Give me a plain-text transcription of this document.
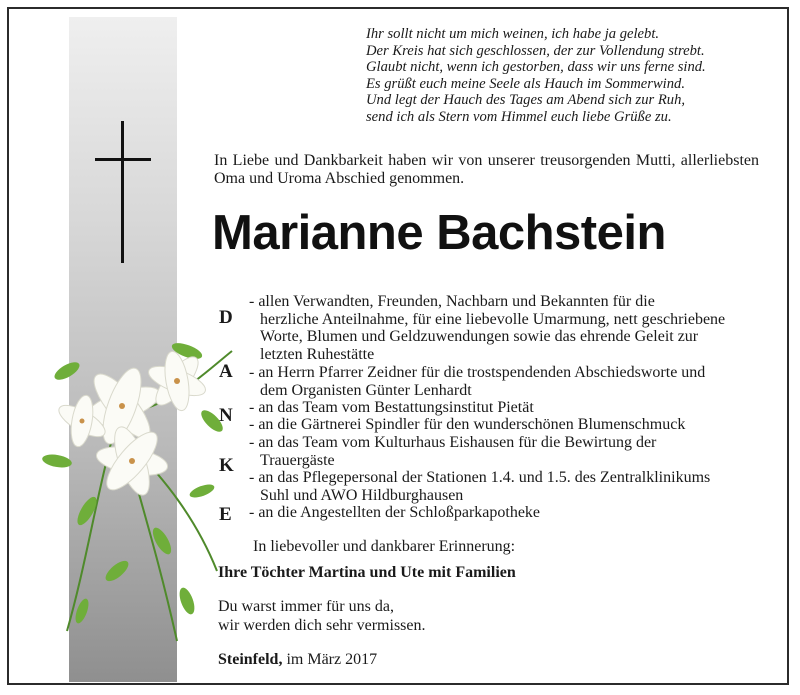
Ihr sollt nicht um mich weinen, ich habe ja gelebt.
Der Kreis hat sich geschlossen, der zur Vollendung strebt.
Glaubt nicht, wenn ich gestorben, dass wir uns ferne sind.
Es grüßt euch meine Seele als Hauch im Sommerwind.
Und legt der Hauch des Tages am Abend sich zur Ruh,
send ich als Stern vom Himmel euch liebe Grüße zu.
In Liebe und Dankbarkeit haben wir von unserer treusorgenden Mutti, allerliebsten Oma und Uroma Abschied genommen.
Marianne Bachstein
D
A
N
K
E
- allen Verwandten, Freunden, Nachbarn und Bekannten für die
herzliche Anteilnahme, für eine liebevolle Umarmung, nett geschriebene
Worte, Blumen und Geldzuwendungen sowie das ehrende Geleit zur
letzten Ruhestätte
- an Herrn Pfarrer Zeidner für die trostspendenden Abschiedsworte und
dem Organisten Günter Lenhardt
- an das Team vom Bestattungsinstitut Pietät
- an die Gärtnerei Spindler für den wunderschönen Blumenschmuck
- an das Team vom Kulturhaus Eishausen für die Bewirtung der
Trauergäste
- an das Pflegepersonal der Stationen 1.4. und 1.5. des Zentralklinikums
Suhl und AWO Hildburghausen
- an die Angestellten der Schloßparkapotheke
In liebevoller und dankbarer Erinnerung:
Ihre Töchter Martina und Ute mit Familien
Du warst immer für uns da,
wir werden dich sehr vermissen.
Steinfeld, im März 2017
